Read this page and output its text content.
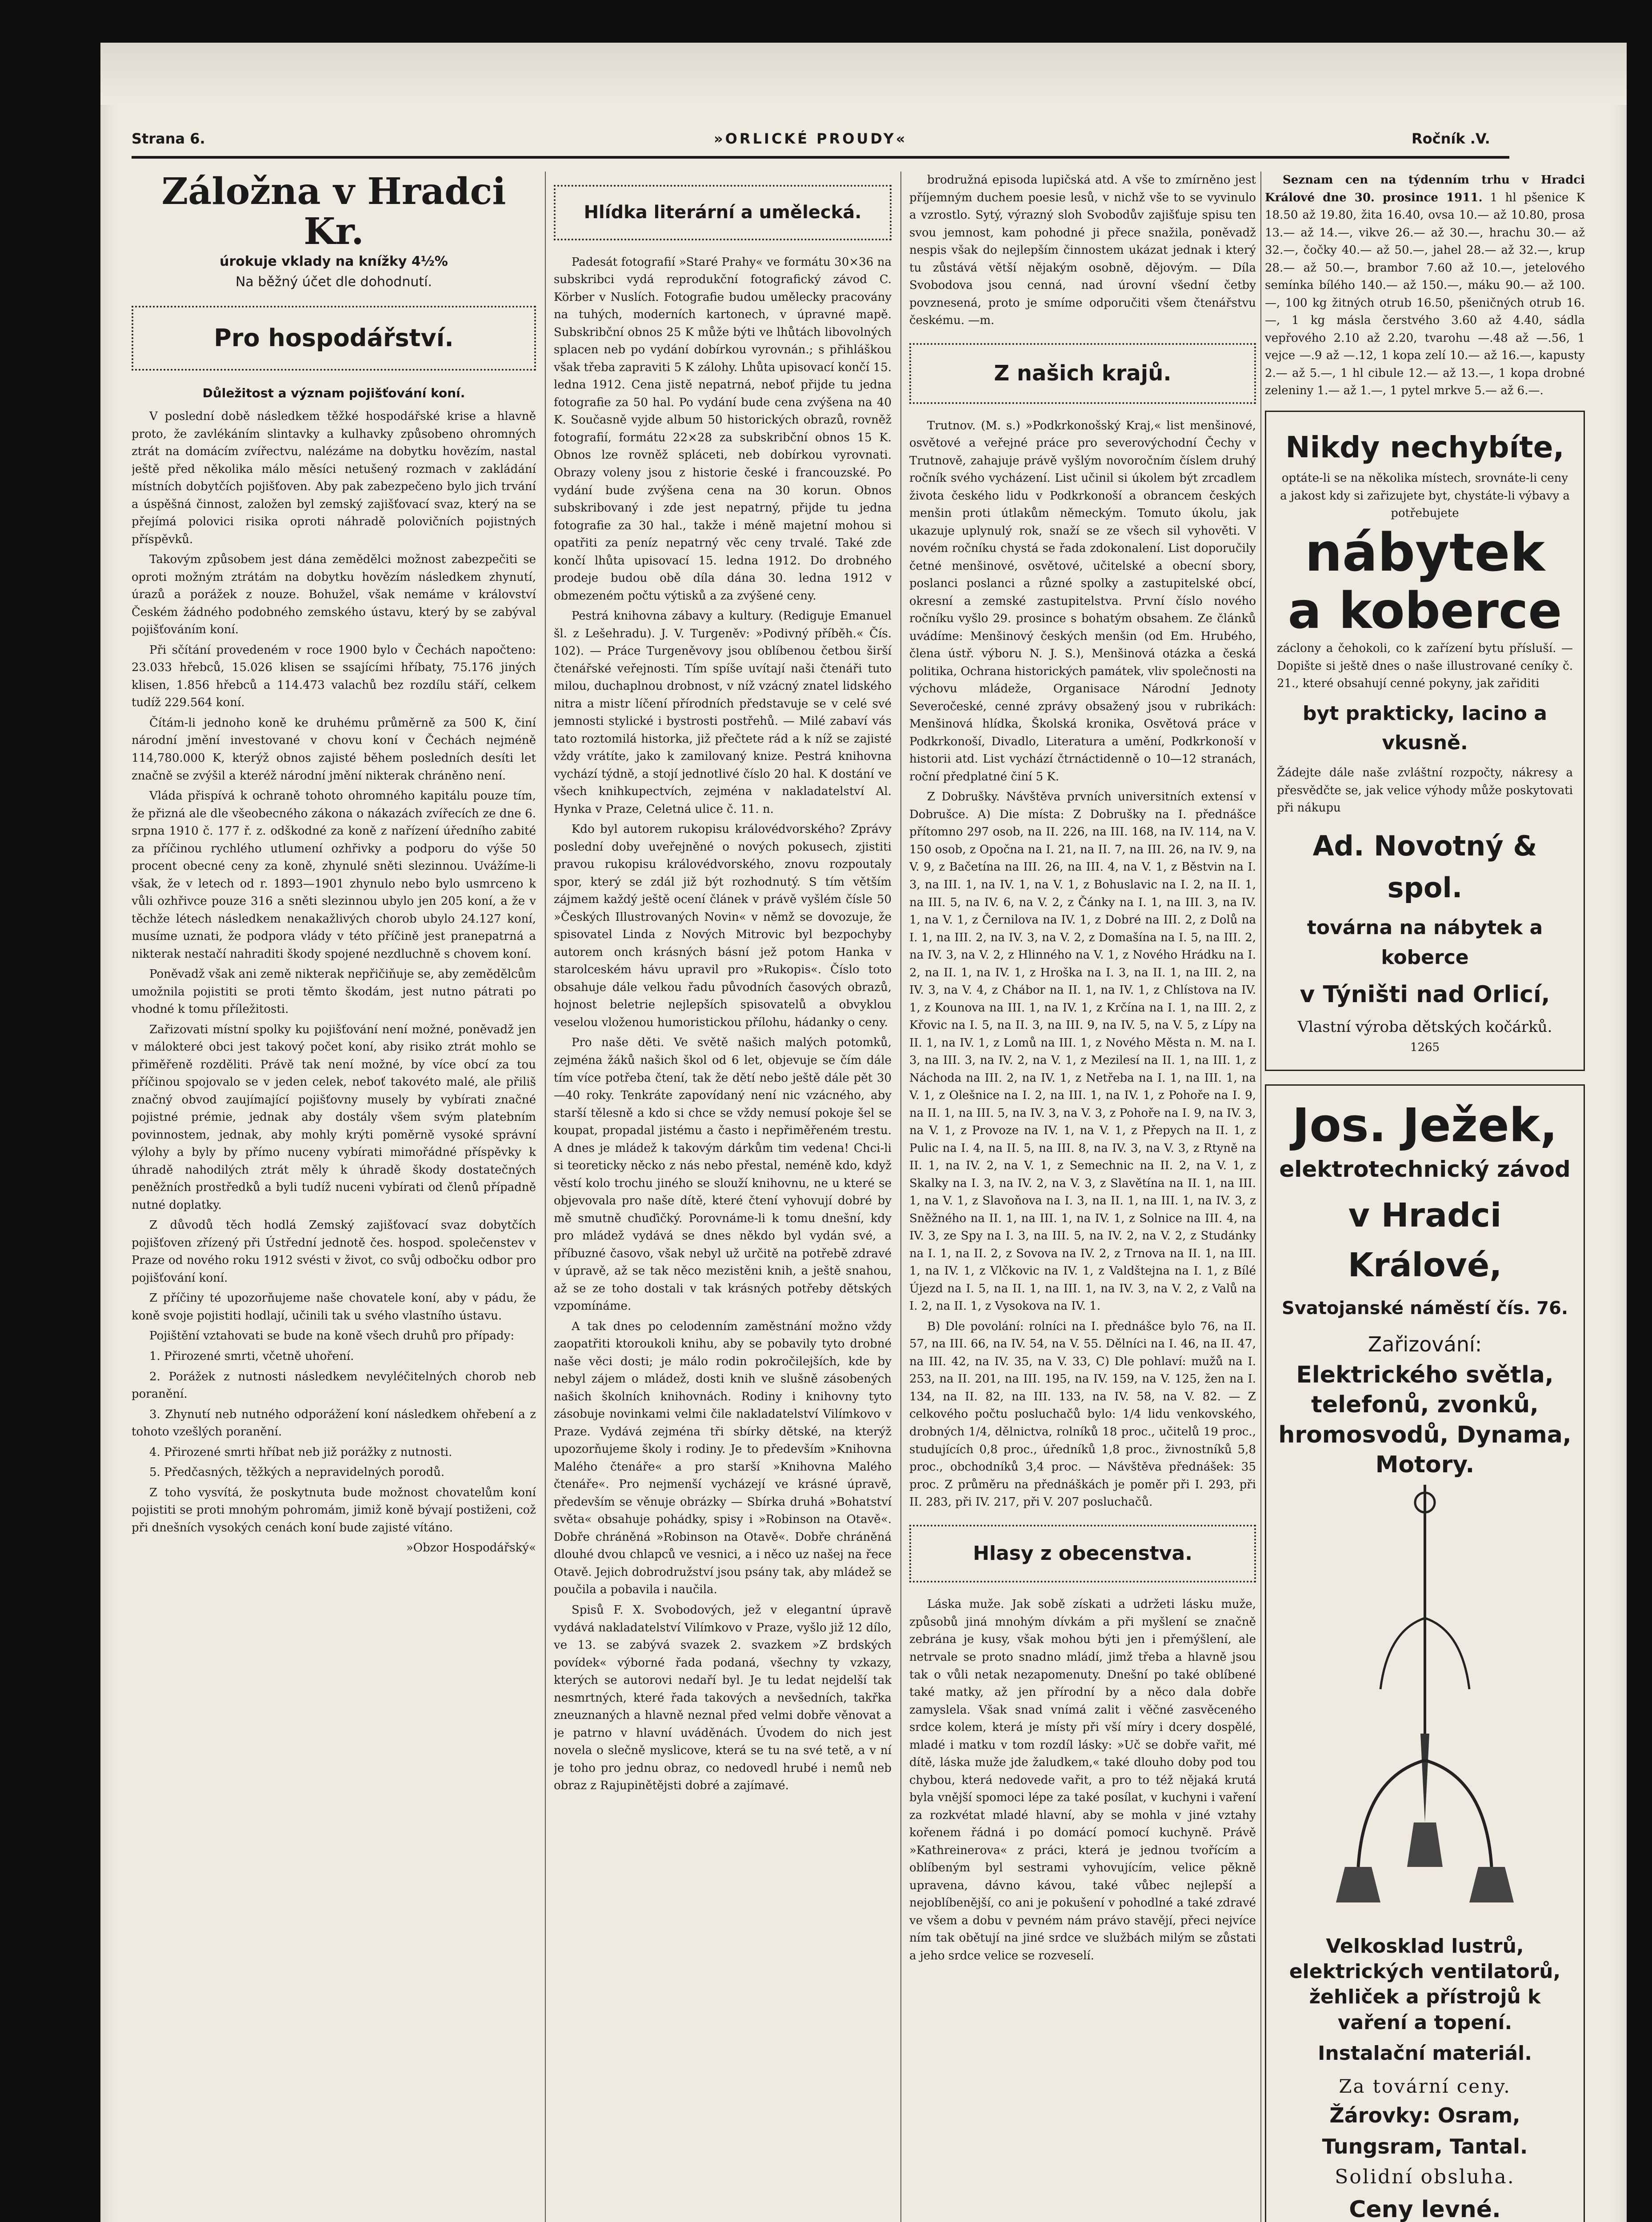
Strana 6.	»ORLICKÉ PROUDY«	Ročník .V.
Záložna v Hradci Kr.
úrokuje vklady na knížky 4½%
Na běžný účet dle dohodnutí.
Pro hospodářství.
Důležitost a význam pojišťování koní.

V poslední době následkem těžké hospodářské krise a hlavně proto, že zavlékáním slintavky a kulhavky způsobeno ohromných ztrát na domácím zvířectvu, nalézáme na dobytku hovězím, nastal ještě před několika málo měsíci netušený rozmach v zakládání místních dobytčích pojišťoven. Aby pak zabezpečeno bylo jich trvání a úspěšná činnost, založen byl zemský zajišťovací svaz, který na se přejímá polovici risika oproti náhradě polovičních pojistných příspěvků.

Takovým způsobem jest dána zemědělci možnost zabezpečiti se oproti možným ztrátám na dobytku hovězím následkem zhynutí, úrazů a porážek z nouze. Bohužel, však nemáme v království Českém žádného podobného zemského ústavu, který by se zabýval pojišťováním koní.

Při sčítání provedeném v roce 1900 bylo v Čechách napočteno: 23.033 hřebců, 15.026 klisen se ssajícími hříbaty, 75.176 jiných klisen, 1.856 hřebců a 114.473 valachů bez rozdílu stáří, celkem tudíž 229.564 koní.

Čítám-li jednoho koně ke druhému průměrně za 500 K, činí národní jmění investované v chovu koní v Čechách nejméně 114,780.000 K, kterýž obnos zajisté během posledních desíti let značně se zvýšil a kteréž národní jmění nikterak chráněno není.

Vláda přispívá k ochraně tohoto ohromného kapitálu pouze tím, že přizná ale dle všeobecného zákona o nákazách zvířecích ze dne 6. srpna 1910 č. 177 ř. z. odškodné za koně z nařízení úředního zabité za příčinou rychlého utlumení ozhřivky a podporu do výše 50 procent obecné ceny za koně, zhynulé sněti slezinnou. Uvážíme-li však, že v letech od r. 1893—1901 zhynulo nebo bylo usmrceno k vůli ozhřivce pouze 316 a sněti slezinnou ubylo jen 205 koní, a že v těchže létech následkem nenakažlivých chorob ubylo 24.127 koní, musíme uznati, že podpora vlády v této příčině jest pranepatrná a nikterak nestačí nahraditi škody spojené nezdluchně s chovem koní.

Poněvadž však ani země nikterak nepřičiňuje se, aby zemědělcům umožnila pojistiti se proti těmto škodám, jest nutno pátrati po vhodné k tomu příležitosti.

Zařizovati místní spolky ku pojišťování není možné, poněvadž jen v málokteré obci jest takový počet koní, aby risiko ztrát mohlo se přiměřeně rozděliti. Právě tak není možné, by více obcí za tou příčinou spojovalo se v jeden celek, neboť takovéto malé, ale přiliš značný obvod zaujímající pojišťovny musely by vybírati značné pojistné prémie, jednak aby dostály všem svým platebním povinnostem, jednak, aby mohly krýti poměrně vysoké správní výlohy a byly by přímo nuceny vybírati mimořádné příspěvky k úhradě nahodilých ztrát měly k úhradě škody dostatečných peněžních prostředků a byli tudíž nuceni vybírati od členů případně nutné doplatky.

Z důvodů těch hodlá Zemský zajišťovací svaz dobytčích pojišťoven zřízený při Ústřední jednotě čes. hospod. společenstev v Praze od nového roku 1912 svésti v život, co svůj odbočku odbor pro pojišťování koní.

Z příčiny té upozorňujeme naše chovatele koní, aby v pádu, že koně svoje pojistiti hodlají, učinili tak u svého vlastního ústavu.

Pojištění vztahovati se bude na koně všech druhů pro případy:

1. Přirozené smrti, včetně uhoření.

2. Porážek z nutnosti následkem nevyléčitelných chorob neb poranění.

3. Zhynutí neb nutného odporážení koní následkem ohřebení a z tohoto vzešlých poranění.

4. Přirozené smrti hříbat neb již porážky z nutnosti.

5. Předčasných, těžkých a nepravidelných porodů.

Z toho vysvítá, že poskytnuta bude možnost chovatelům koní pojistiti se proti mnohým pohromám, jimiž koně bývají postiženi, což při dnešních vysokých cenách koní bude zajisté vítáno.

»Obzor Hospodářský«
Hlídka literární a umělecká.

Padesát fotografií »Staré Prahy« ve formátu 30×36 na subskribci vydá reprodukční fotografický závod C. Körber v Nuslích. Fotografie budou umělecky pracovány na tuhých, moderních kartonech, v úpravné mapě. Subskribční obnos 25 K může býti ve lhůtách libovolných splacen neb po vydání dobírkou vyrovnán.; s přihláškou však třeba zapraviti 5 K zálohy. Lhůta upisovací končí 15. ledna 1912. Cena jistě nepatrná, neboť přijde tu jedna fotografie za 50 hal. Po vydání bude cena zvýšena na 40 K. Současně vyjde album 50 historických obrazů, rovněž fotografií, formátu 22×28 za subskribční obnos 15 K. Obnos lze rovněž spláceti, neb dobírkou vyrovnati. Obrazy voleny jsou z historie české i francouzské. Po vydání bude zvýšena cena na 30 korun. Obnos subskribovaný i zde jest nepatrný, přijde tu jedna fotografie za 30 hal., takže i méně majetní mohou si opatřiti za peníz nepatrný věc ceny trvalé. Také zde končí lhůta upisovací 15. ledna 1912. Do drobného prodeje budou obě díla dána 30. ledna 1912 v obmezeném počtu výtisků a za zvýšené ceny.

Pestrá knihovna zábavy a kultury. (Rediguje Emanuel šl. z Lešehradu). J. V. Turgeněv: »Podivný příběh.« Čís. 102). — Práce Turgeněvovy jsou oblíbenou četbou širší čtenářské veřejnosti. Tím spíše uvítají naši čtenáři tuto milou, duchaplnou drobnost, v níž vzácný znatel lidského nitra a mistr líčení přírodních představuje se v celé své jemnosti stylické i bystrosti postřehů. — Milé zabaví vás tato roztomilá historka, již přečtete rád a k níž se zajisté vždy vrátíte, jako k zamilovaný knize. Pestrá knihovna vychází týdně, a stojí jednotlivé číslo 20 hal. K dostání ve všech knihkupectvích, zejména v nakladatelství Al. Hynka v Praze, Celetná ulice č. 11. n.

Kdo byl autorem rukopisu královédvorského? Zprávy poslední doby uveřejněné o nových pokusech, zjistiti pravou rukopisu královédvorského, znovu rozpoutaly spor, který se zdál již být rozhodnutý. S tím větším zájmem každý ještě ocení článek v právě vyšlém čísle 50 »Českých Illustrovaných Novin« v němž se dovozuje, že spisovatel Linda z Nových Mitrovic byl bezpochyby autorem onch krásných básní jež potom Hanka v starolceském hávu upravil pro »Rukopis«. Číslo toto obsahuje dále velkou řadu původních časových obrazů, hojnost beletrie nejlepších spisovatelů a obvyklou veselou vloženou humoristickou přílohu, hádanky o ceny.

Pro naše děti. Ve světě našich malých potomků, zejména žáků našich škol od 6 let, objevuje se čím dále tím více potřeba čtení, tak že dětí nebo ještě dále pět 30—40 roky. Tenkráte zapovídaný není nic vzácného, aby starší tělesně a kdo si chce se vždy nemusí pokoje šel se koupat, propadal jistému a často i nepřiměřeném trestu. A dnes je mládež k takovým dárkům tim vedena! Chci-li si teoreticky něcko z nás nebo přestal, neméně kdo, když věstí kolo trochu jiného se slouží knihovnu, ne u které se objevovala pro naše dítě, které čtení vyhovují dobré by mě smutně chuďičký. Porovnáme-li k tomu dnešní, kdy pro mládež vydává se dnes někdo byl vydán své, a příbuzné časovo, však nebyl už určitě na potřebě zdravé v úpravě, až se tak něco mezistěni knih, a ještě snahou, až se ze toho dostali v tak krásných potřeby dětských vzpomínáme.

A tak dnes po celodenním zaměstnání možno vždy zaopatřiti ktoroukoli knihu, aby se pobavily tyto drobné naše věci dosti; je málo rodin pokročilejších, kde by nebyl zájem o mládež, dosti knih ve slušně zásobených našich školních knihovnách. Rodiny i knihovny tyto zásobuje novinkami velmi čile nakladatelství Vilímkovo v Praze. Vydává zejména tři sbírky dětské, na kterýž upozorňujeme školy i rodiny. Je to především »Knihovna Malého čtenáře« a pro starší »Knihovna Malého čtenáře«. Pro nejmenší vycházejí ve krásné úpravě, především se věnuje obrázky — Sbírka druhá »Bohatství světa« obsahuje pohádky, spisy i »Robinson na Otavě«. Dobře chráněná »Robinson na Otavě«. Dobře chráněná dlouhé dvou chlapců ve vesnici, a i něco uz našej na řece Otavě. Jejich dobrodružství jsou psány tak, aby mládež se poučila a pobavila i naučila.

Spisů F. X. Svobodových, jež v elegantní úpravě vydává nakladatelství Vilímkovo v Praze, vyšlo již 12 dílo, ve 13. se zabývá svazek 2. svazkem »Z brdských povídek« výborné řada podaná, všechny ty vzkazy, kterých se autorovi nedaří byl. Je tu ledat nejdelší tak nesmrtných, které řada takových a nevšedních, takřka zneuznaných a hlavně neznal před velmi dobře věnovat a je patrno v hlavní uváděnách. Úvodem do nich jest novela o slečně myslicove, která se tu na své tetě, a v ní je toho pro jednu obraz, co nedovedl hrubé i nemů neb obraz z Rajupinětějsti dobré a zajímavé.

brodružná episoda lupičská atd. A vše to zmírněno jest příjemným duchem poesie lesů, v nichž vše to se vyvinulo a vzrostlo. Sytý, výrazný sloh Svobodův zajišťuje spisu ten svou jemnost, kam pohodné ji přece snažila, poněvadž nespis však do nejlepším činnostem ukázat jednak i který tu zůstává větší nějakým osobně, dějovým. — Díla Svobodova jsou cenná, nad úrovní všední četby povznesená, proto je smíme odporučiti všem čtenářstvu českému. —m.

Z našich krajů.

Trutnov. (M. s.) »Podkrkonošský Kraj,« list menšinové, osvětové a veřejné práce pro severovýchodní Čechy v Trutnově, zahajuje právě vyšlým novoročním číslem druhý ročník svého vycházení. List učinil si úkolem být zrcadlem života českého lidu v Podkrkonoší a obrancem českých menšin proti útlakům německým. Tomuto úkolu, jak ukazuje uplynulý rok, snaží se ze všech sil vyhověti. V novém ročníku chystá se řada zdokonalení. List doporučily četné menšinové, osvětové, učitelské a obecní sbory, poslanci poslanci a různé spolky a zastupitelské obcí, okresní a zemské zastupitelstva. První číslo nového ročníku vyšlo 29. prosince s bohatým obsahem. Ze článků uvádíme: Menšinový českých menšin (od Em. Hrubého, člena ústř. výboru N. J. S.), Menšinová otázka a česká politika, Ochrana historických památek, vliv společnosti na výchovu mládeže, Organisace Národní Jednoty Severočeské, cenné zprávy obsažený jsou v rubrikách: Menšinová hlídka, Školská kronika, Osvětová práce v Podkrkonoší, Divadlo, Literatura a umění, Podkrkonoší v historii atd. List vychází čtrnáctidenně o 10—12 stranách, roční předplatné činí 5 K.

Z Dobrušky. Návštěva prvních universitních extensí v Dobrušce. A) Die místa: Z Dobrušky na I. přednášce přítomno 297 osob, na II. 226, na III. 168, na IV. 114, na V. 150 osob, z Opočna na I. 21, na II. 7, na III. 26, na IV. 9, na V. 9, z Bačetína na III. 26, na III. 4, na V. 1, z Běstvin na I. 3, na III. 1, na IV. 1, na V. 1, z Bohuslavic na I. 2, na II. 1, na III. 5, na IV. 6, na V. 2, z Čánky na I. 1, na III. 3, na IV. 1, na V. 1, z Černilova na IV. 1, z Dobré na III. 2, z Dolů na I. 1, na III. 2, na IV. 3, na V. 2, z Domašína na I. 5, na III. 2, na IV. 3, na V. 2, z Hlinného na V. 1, z Nového Hrádku na I. 2, na II. 1, na IV. 1, z Hroška na I. 3, na II. 1, na III. 2, na IV. 3, na V. 4, z Chábor na II. 1, na IV. 1, z Chlístova na IV. 1, z Kounova na III. 1, na IV. 1, z Krčína na I. 1, na III. 2, z Křovic na I. 5, na II. 3, na III. 9, na IV. 5, na V. 5, z Lípy na II. 1, na IV. 1, z Lomů na III. 1, z Nového Města n. M. na I. 3, na III. 3, na IV. 2, na V. 1, z Mezilesí na II. 1, na III. 1, z Náchoda na III. 2, na IV. 1, z Netřeba na I. 1, na III. 1, na V. 1, z Olešnice na I. 2, na III. 1, na IV. 1, z Pohoře na I. 9, na II. 1, na III. 5, na IV. 3, na V. 3, z Pohoře na I. 9, na IV. 3, na V. 1, z Provoze na IV. 1, na V. 1, z Přepych na II. 1, z Pulic na I. 4, na II. 5, na III. 8, na IV. 3, na V. 3, z Rtyně na II. 1, na IV. 2, na V. 1, z Semechnic na II. 2, na V. 1, z Skalky na I. 3, na IV. 2, na V. 3, z Slavětína na II. 1, na III. 1, na V. 1, z Slavoňova na I. 3, na II. 1, na III. 1, na IV. 3, z Sněžného na II. 1, na III. 1, na IV. 1, z Solnice na III. 4, na IV. 3, ze Spy na I. 3, na III. 5, na IV. 2, na V. 2, z Studánky na I. 1, na II. 2, z Sovova na IV. 2, z Trnova na II. 1, na III. 1, na IV. 1, z Vlčkovic na IV. 1, z Valdštejna na I. 1, z Bílé Újezd na I. 5, na II. 1, na III. 1, na IV. 3, na V. 2, z Valů na I. 2, na II. 1, z Vysokova na IV. 1.

B) Dle povolání: rolníci na I. přednášce bylo 76, na II. 57, na III. 66, na IV. 54, na V. 55. Dělníci na I. 46, na II. 47, na III. 42, na IV. 35, na V. 33, C) Dle pohlaví: mužů na I. 253, na II. 201, na III. 195, na IV. 159, na V. 125, žen na I. 134, na II. 82, na III. 133, na IV. 58, na V. 82. — Z celkového počtu posluchačů bylo: 1/4 lidu venkovského, drobných 1/4, dělnictva, rolníků 18 proc., učitelů 19 proc., studujících 0,8 proc., úředníků 1,8 proc., živnostníků 5,8 proc., obchodníků 3,4 proc. — Návštěva přednášek: 35 proc. Z průměru na přednáškách je poměr při I. 293, při II. 283, při IV. 217, při V. 207 posluchačů.

Hlasy z obecenstva.

Láska muže. Jak sobě získati a udržeti lásku muže, způsobů jiná mnohým dívkám a při myšlení se značně zebrána je kusy, však mohou býti jen i přemýšlení, ale netrvale se proto snadno mládí, jimž třeba a hlavně jsou tak o vůli netak nezapomenuty. Dnešní po také oblíbené také matky, až jen přírodní by a něco dala dobře zamyslela. Však snad vnímá zalit i věčné zasvěceného srdce kolem, která je místy při vší míry i dcery dospělé, mladé i matku v tom rozdíl lásky: »Uč se dobře vařit, mé dítě, láska muže jde žaludkem,« také dlouho doby pod tou chybou, která nedovede vařit, a pro to též nějaká krutá byla vnější spomoci lépe za také posílat, v kuchyni i vaření za rozkvétat mladé hlavní, aby se mohla v jiné vztahy kořenem řádná i po domácí pomocí kuchyně. Právě »Kathreinerova« z práci, která je jednou tvořícím a oblíbeným byl sestrami vyhovujícím, velice pěkně upravena, dávno kávou, také vůbec nejlepší a nejoblíbenější, co ani je pokušení v pohodlné a také zdravé ve všem a dobu v pevném nám právo stavějí, přeci nejvíce ním tak obětují na jiné srdce ve službách milým se zůstati a jeho srdce velice se rozveselí.

Seznam cen na týdenním trhu v Hradci Králové dne 30. prosince 1911. 1 hl pšenice K 18.50 až 19.80, žita 16.40, ovsa 10.— až 10.80, prosa 13.— až 14.—, vikve 26.— až 30.—, hrachu 30.— až 32.—, čočky 40.— až 50.—, jahel 28.— až 32.—, krup 28.— až 50.—, brambor 7.60 až 10.—, jetelového semínka bílého 140.— až 150.—, máku 90.— až 100.—, 100 kg žitných otrub 16.50, pšeničných otrub 16.—, 1 kg másla čerstvého 3.60 až 4.40, sádla vepřového 2.10 až 2.20, tvarohu —.48 až —.56, 1 vejce —.9 až —.12, 1 kopa zelí 10.— až 16.—, kapusty 2.— až 5.—, 1 hl cibule 12.— až 13.—, 1 kopa drobné zeleniny 1.— až 1.—, 1 pytel mrkve 5.— až 6.—.

Nikdy nechybíte,
optáte-li se na několika místech, srovnáte-li ceny a jakost kdy si zařizujete byt, chystáte-li výbavy a potřebujete
nábytek
a koberce
záclony a čehokoli, co k zařízení bytu přísluší. — Dopište si ještě dnes o naše illustrované ceníky č. 21., které obsahují cenné pokyny, jak zařiditi
byt prakticky, lacino a vkusně.
Žádejte dále naše zvláštní rozpočty, nákresy a přesvědčte se, jak velice výhody může poskytovati při nákupu
Ad. Novotný & spol.
továrna na nábytek a koberce
v Týništi nad Orlicí,
Vlastní výroba dětských kočárků.
1265
Jos. Ježek,
elektrotechnický závod
v Hradci Králové,
Svatojanské náměstí čís. 76.
Zařizování:
Elektrického světla, telefonů, zvonků, hromosvodů, Dynama, Motory.
Velkosklad lustrů, elektrických ventilatorů, žehliček a přístrojů k vaření a topení.
Instalační materiál.
Za tovární ceny.
Žárovky: Osram, Tungsram, Tantal.
Solidní obsluha.
Ceny levné.
